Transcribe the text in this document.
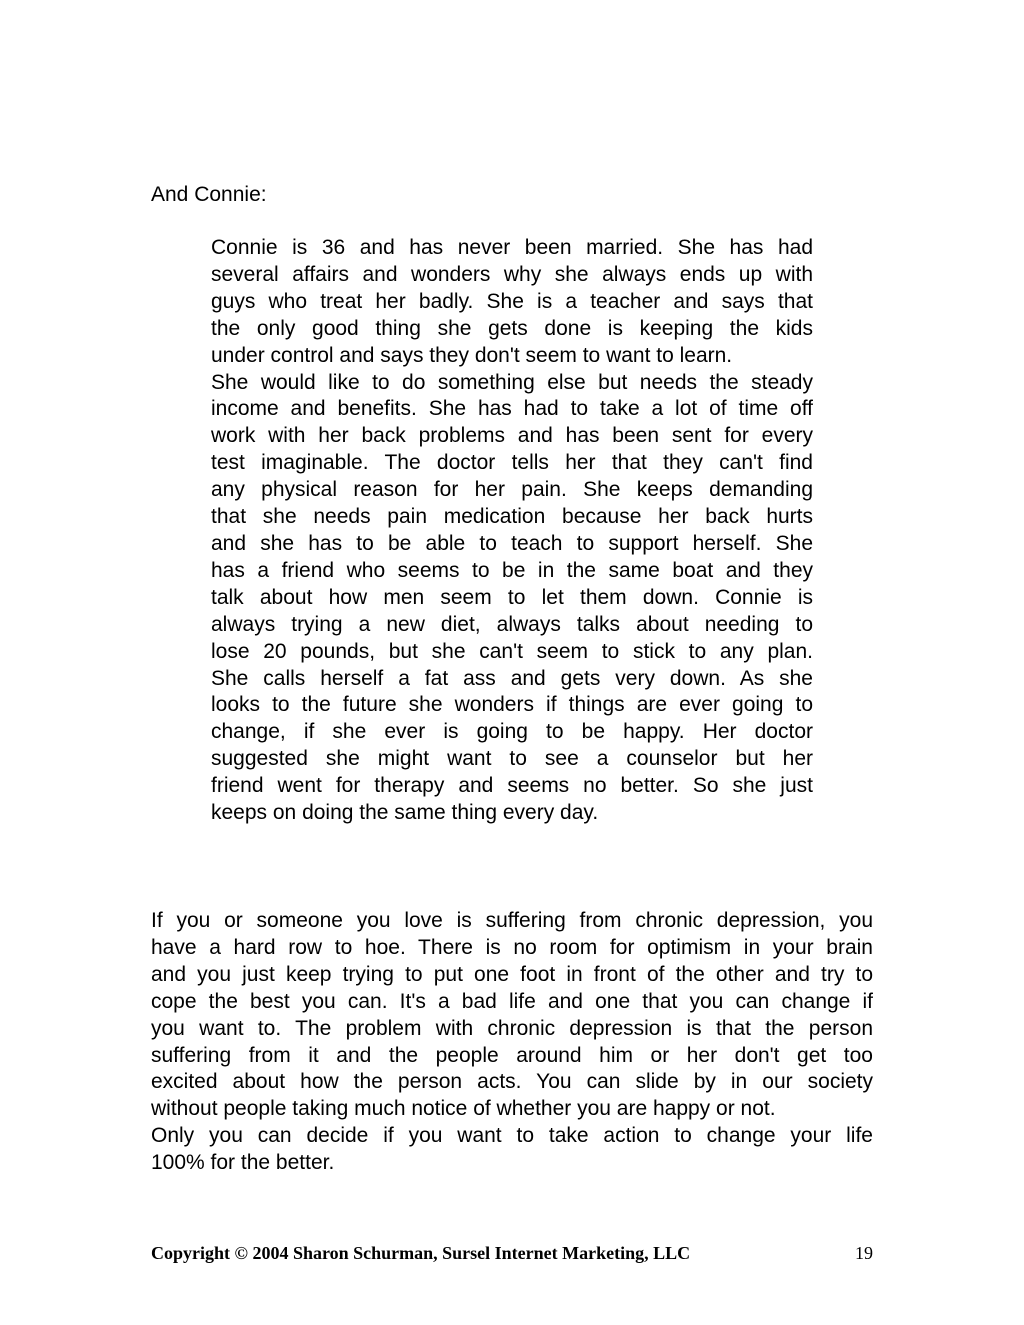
And Connie:

Connie is 36 and has never been married. She has had
several affairs and wonders why she always ends up with
guys who treat her badly. She is a teacher and says that
the only good thing she gets done is keeping the kids
under control and says they don't seem to want to learn.
She would like to do something else but needs the steady
income and benefits. She has had to take a lot of time off
work with her back problems and has been sent for every
test imaginable. The doctor tells her that they can't find
any physical reason for her pain. She keeps demanding
that she needs pain medication because her back hurts
and she has to be able to teach to support herself. She
has a friend who seems to be in the same boat and they
talk about how men seem to let them down. Connie is
always trying a new diet, always talks about needing to
lose 20 pounds, but she can't seem to stick to any plan.
She calls herself a fat ass and gets very down. As she
looks to the future she wonders if things are ever going to
change, if she ever is going to be happy. Her doctor
suggested she might want to see a counselor but her
friend went for therapy and seems no better. So she just
keeps on doing the same thing every day.
If you or someone you love is suffering from chronic depression, you
have a hard row to hoe. There is no room for optimism in your brain
and you just keep trying to put one foot in front of the other and try to
cope the best you can. It's a bad life and one that you can change if
you want to. The problem with chronic depression is that the person
suffering from it and the people around him or her don't get too
excited about how the person acts. You can slide by in our society
without people taking much notice of whether you are happy or not.
Only you can decide if you want to take action to change your life
100% for the better.

Copyright © 2004 Sharon Schurman, Sursel Internet Marketing, LLC	19
